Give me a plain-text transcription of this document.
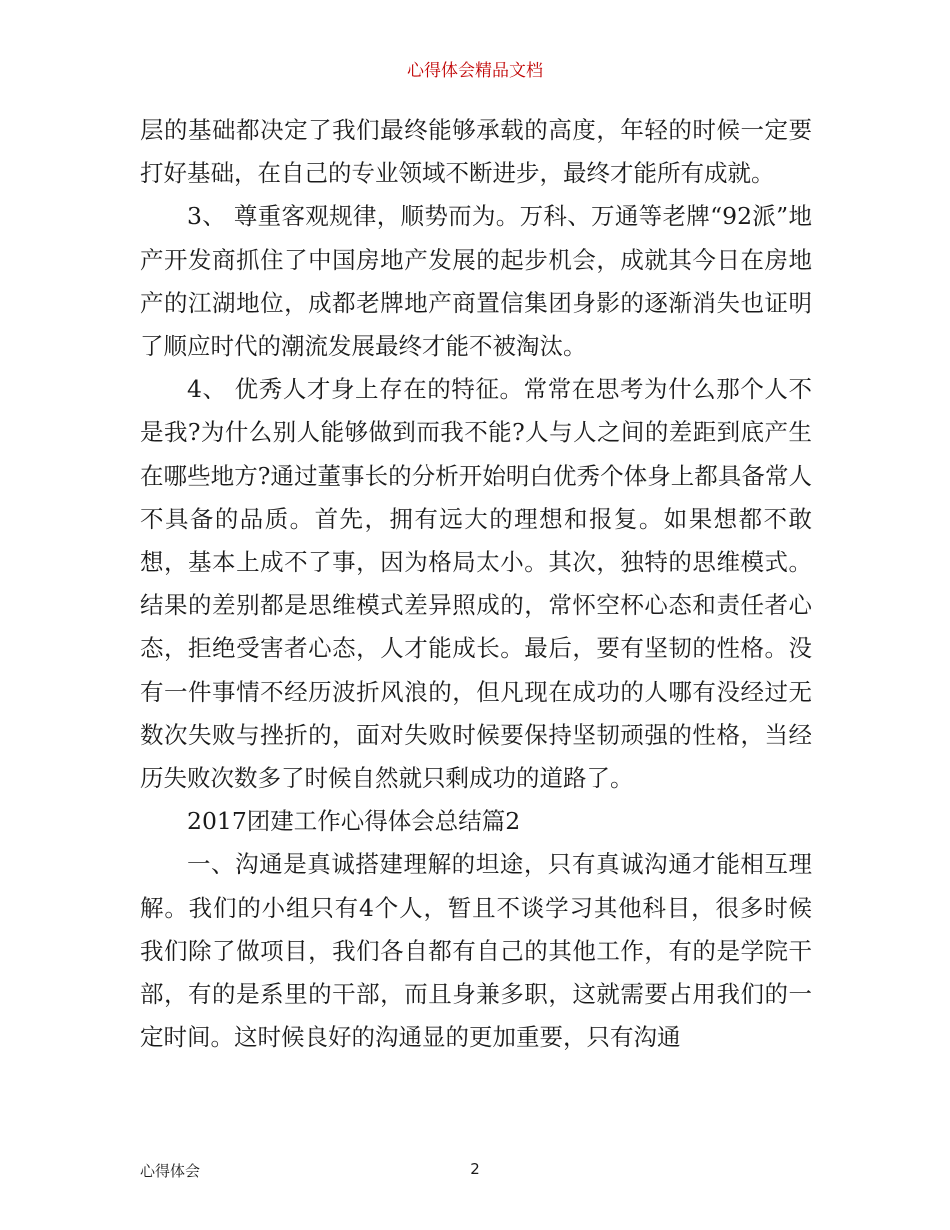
心得体会精品文档

层的基础都决定了我们最终能够承载的高度，年轻的时候一定要打好基础，在自己的专业领域不断进步，最终才能所有成就。

3、 尊重客观规律，顺势而为。万科、万通等老牌“92派”地产开发商抓住了中国房地产发展的起步机会，成就其今日在房地产的江湖地位，成都老牌地产商置信集团身影的逐渐消失也证明了顺应时代的潮流发展最终才能不被淘汰。

4、 优秀人才身上存在的特征。常常在思考为什么那个人不是我?为什么别人能够做到而我不能?人与人之间的差距到底产生在哪些地方?通过董事长的分析开始明白优秀个体身上都具备常人不具备的品质。首先，拥有远大的理想和报复。如果想都不敢想，基本上成不了事，因为格局太小。其次，独特的思维模式。结果的差别都是思维模式差异照成的，常怀空杯心态和责任者心态，拒绝受害者心态，人才能成长。最后，要有坚韧的性格。没有一件事情不经历波折风浪的，但凡现在成功的人哪有没经过无数次失败与挫折的，面对失败时候要保持坚韧顽强的性格，当经历失败次数多了时候自然就只剩成功的道路了。

2017团建工作心得体会总结篇2

一、沟通是真诚搭建理解的坦途，只有真诚沟通才能相互理解。我们的小组只有4个人，暂且不谈学习其他科目，很多时候我们除了做项目，我们各自都有自己的其他工作，有的是学院干部，有的是系里的干部，而且身兼多职，这就需要占用我们的一定时间。这时候良好的沟通显的更加重要，只有沟通

心得体会	2
